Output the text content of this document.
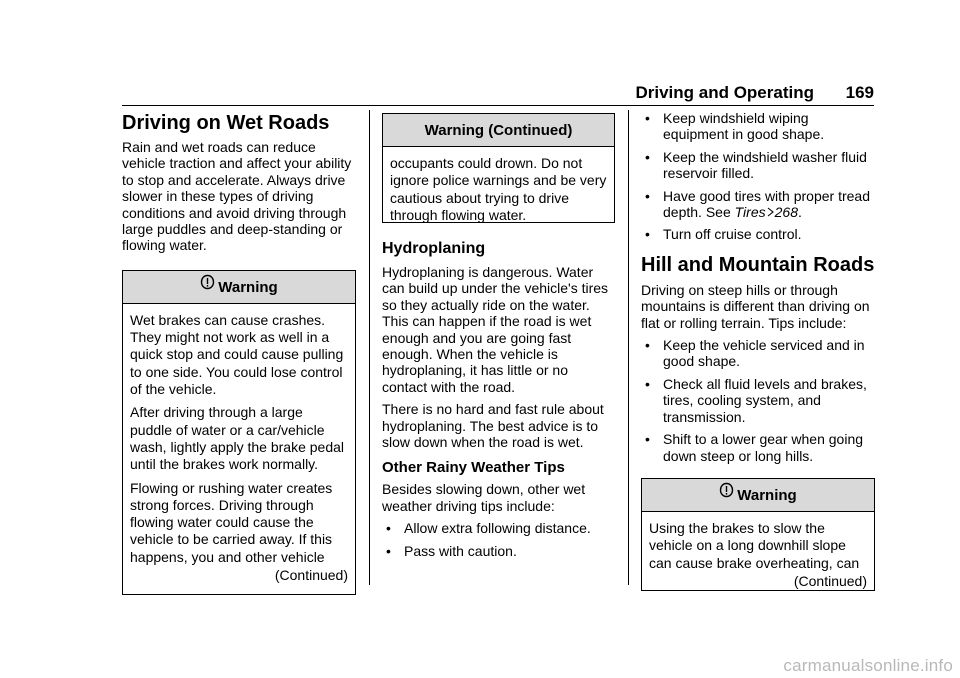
Driving and Operating 169
Driving on Wet Roads

Rain and wet roads can reduce vehicle traction and affect your ability to stop and accelerate. Always drive slower in these types of driving conditions and avoid driving through large puddles and deep-standing or flowing water.

Warning

Wet brakes can cause crashes. They might not work as well in a quick stop and could cause pulling to one side. You could lose control of the vehicle.

After driving through a large puddle of water or a car/vehicle wash, lightly apply the brake pedal until the brakes work normally.

Flowing or rushing water creates strong forces. Driving through flowing water could cause the vehicle to be carried away. If this happens, you and other vehicle

(Continued)
Warning (Continued)

occupants could drown. Do not ignore police warnings and be very cautious about trying to drive through flowing water.

Hydroplaning

Hydroplaning is dangerous. Water can build up under the vehicle's tires so they actually ride on the water. This can happen if the road is wet enough and you are going fast enough. When the vehicle is hydroplaning, it has little or no contact with the road.

There is no hard and fast rule about hydroplaning. The best advice is to slow down when the road is wet.

Other Rainy Weather Tips

Besides slowing down, other wet weather driving tips include:

• Allow extra following distance.
• Pass with caution.
• Keep windshield wiping equipment in good shape.
• Keep the windshield washer fluid reservoir filled.
• Have good tires with proper tread depth. See Tires 268.
• Turn off cruise control.
Hill and Mountain Roads

Driving on steep hills or through mountains is different than driving on flat or rolling terrain. Tips include:

• Keep the vehicle serviced and in good shape.
• Check all fluid levels and brakes, tires, cooling system, and transmission.
• Shift to a lower gear when going down steep or long hills.
Warning

Using the brakes to slow the vehicle on a long downhill slope can cause brake overheating, can

(Continued)
carmanualsonline.info
